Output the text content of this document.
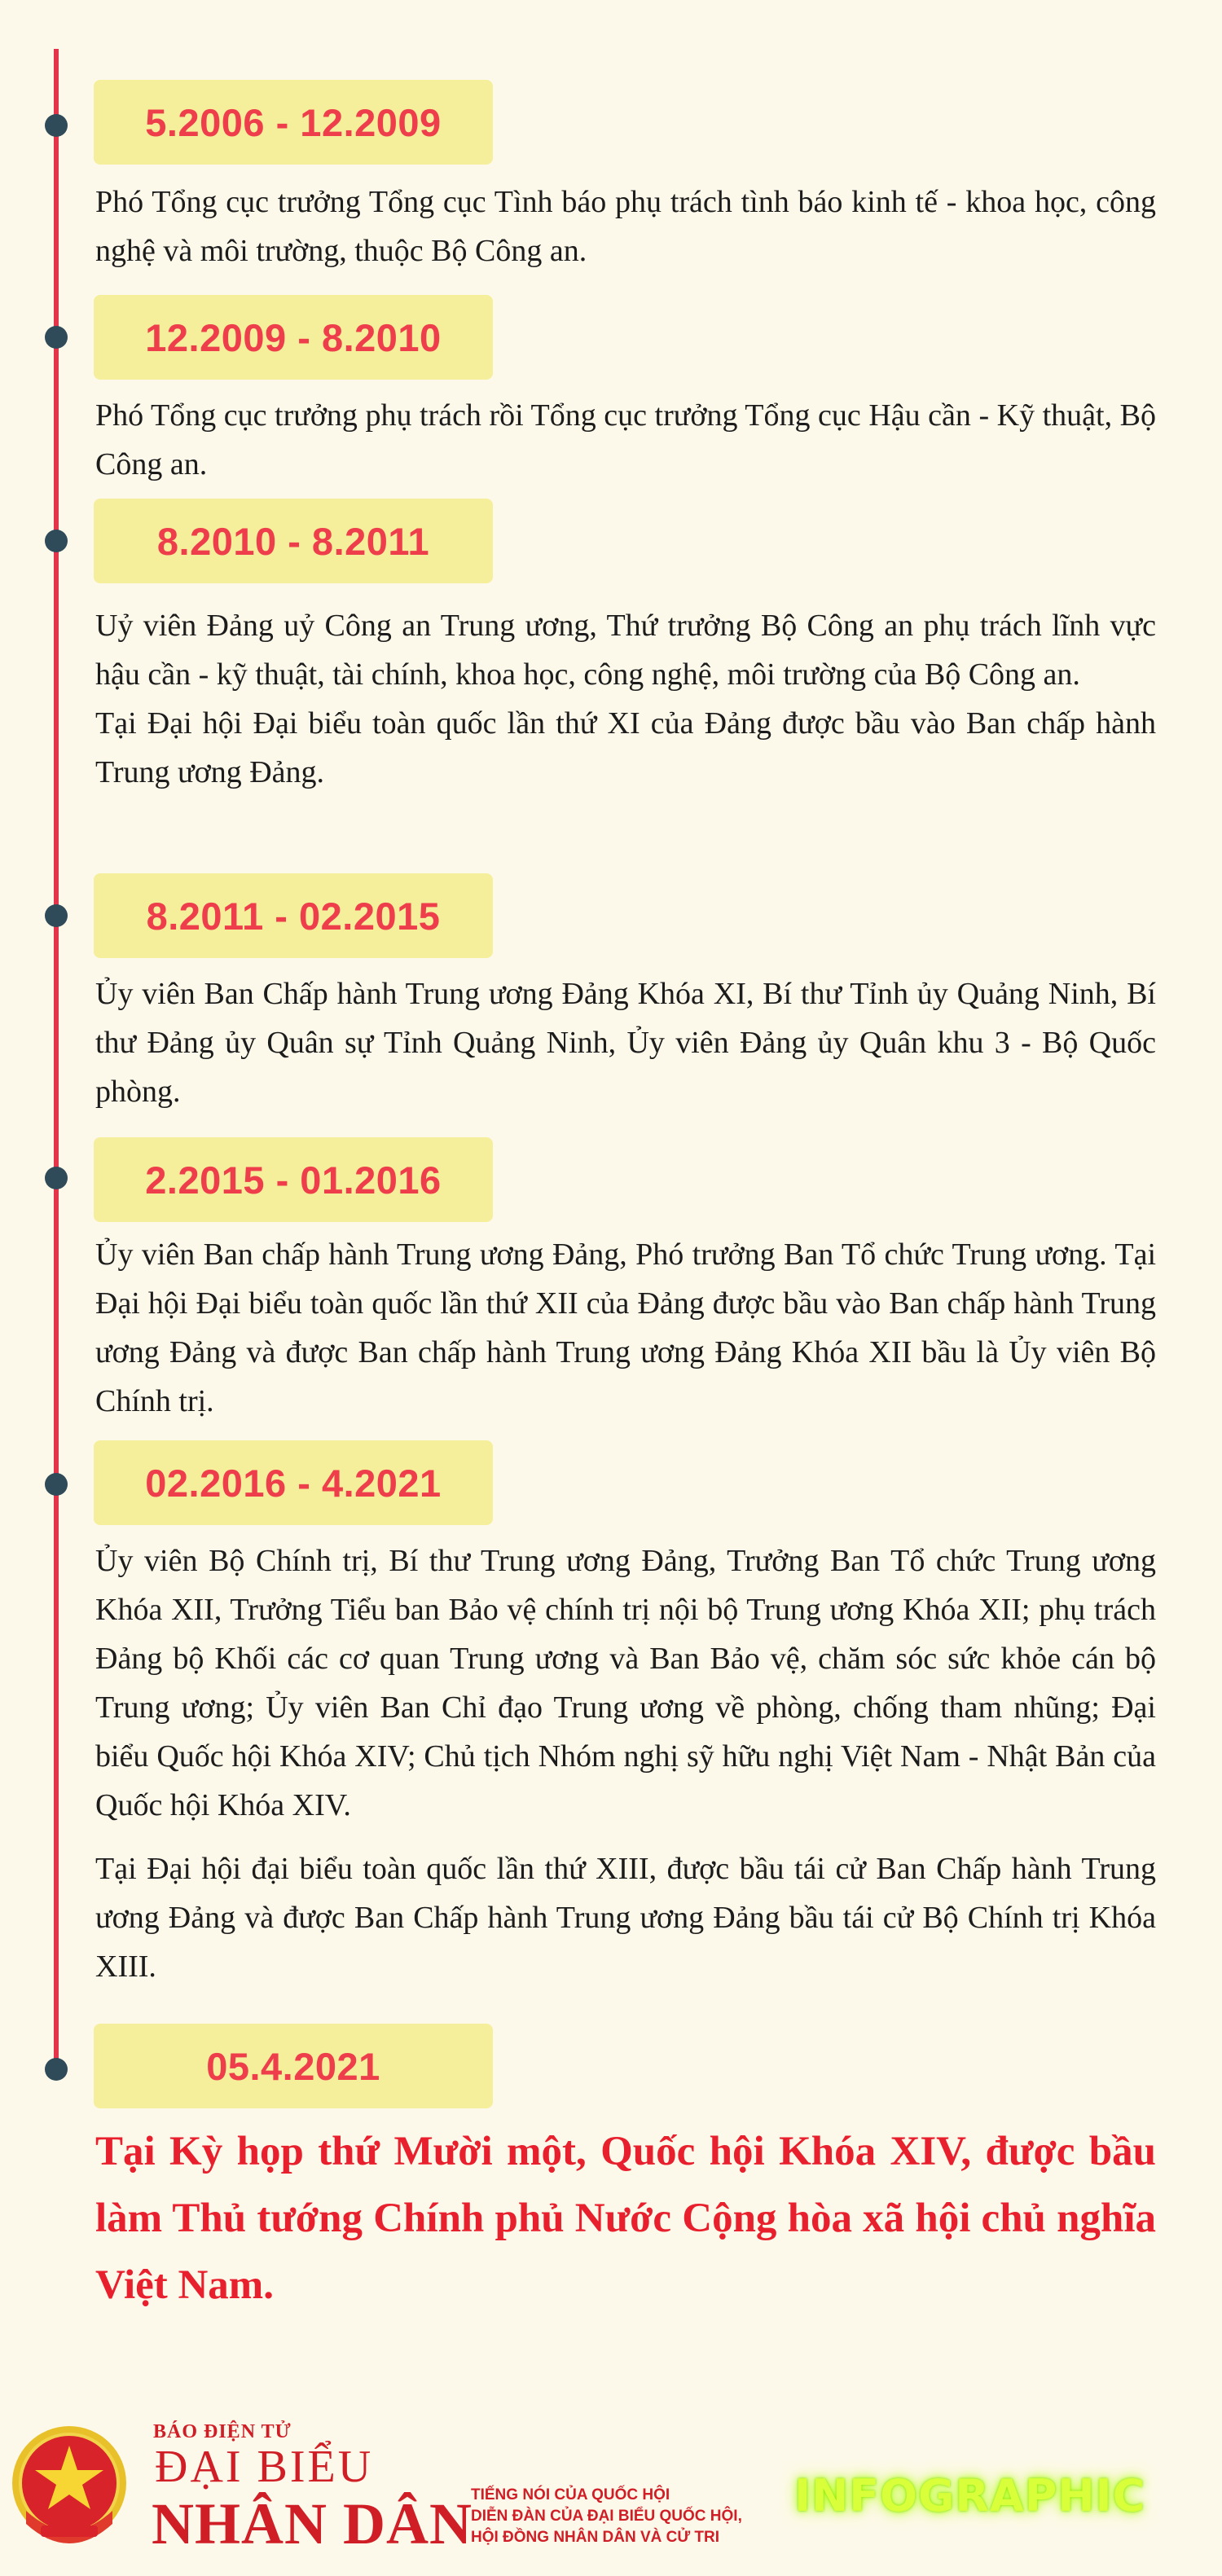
5.2006 - 12.2009

Phó Tổng cục trưởng Tổng cục Tình báo phụ trách tình báo kinh tế - khoa học, công nghệ và môi trường, thuộc Bộ Công an.

12.2009 - 8.2010

Phó Tổng cục trưởng phụ trách rồi Tổng cục trưởng Tổng cục Hậu cần - Kỹ thuật, Bộ Công an.

8.2010 - 8.2011

Uỷ viên Đảng uỷ Công an Trung ương, Thứ trưởng Bộ Công an phụ trách lĩnh vực hậu cần - kỹ thuật, tài chính, khoa học, công nghệ, môi trường của Bộ Công an.

Tại Đại hội Đại biểu toàn quốc lần thứ XI của Đảng được bầu vào Ban chấp hành Trung ương Đảng.

8.2011 - 02.2015

Ủy viên Ban Chấp hành Trung ương Đảng Khóa XI, Bí thư Tỉnh ủy Quảng Ninh, Bí thư Đảng ủy Quân sự Tỉnh Quảng Ninh, Ủy viên Đảng ủy Quân khu 3 - Bộ Quốc phòng.

2.2015 - 01.2016

Ủy viên Ban chấp hành Trung ương Đảng, Phó trưởng Ban Tổ chức Trung ương. Tại Đại hội Đại biểu toàn quốc lần thứ XII của Đảng được bầu vào Ban chấp hành Trung ương Đảng và được Ban chấp hành Trung ương Đảng Khóa XII bầu là Ủy viên Bộ Chính trị.

02.2016 - 4.2021

Ủy viên Bộ Chính trị, Bí thư Trung ương Đảng, Trưởng Ban Tổ chức Trung ương Khóa XII, Trưởng Tiểu ban Bảo vệ chính trị nội bộ Trung ương Khóa XII; phụ trách Đảng bộ Khối các cơ quan Trung ương và Ban Bảo vệ, chăm sóc sức khỏe cán bộ Trung ương; Ủy viên Ban Chỉ đạo Trung ương về phòng, chống tham nhũng; Đại biểu Quốc hội Khóa XIV; Chủ tịch Nhóm nghị sỹ hữu nghị Việt Nam - Nhật Bản của Quốc hội Khóa XIV.

Tại Đại hội đại biểu toàn quốc lần thứ XIII, được bầu tái cử Ban Chấp hành Trung ương Đảng và được Ban Chấp hành Trung ương Đảng bầu tái cử Bộ Chính trị Khóa XIII.

05.4.2021
Tại Kỳ họp thứ Mười một, Quốc hội Khóa XIV, được bầu làm Thủ tướng Chính phủ Nước Cộng hòa xã hội chủ nghĩa Việt Nam.
BÁO ĐIỆN TỬ
ĐẠI BIỂU
NHÂN DÂN
TIẾNG NÓI CỦA QUỐC HỘI
DIỄN ĐÀN CỦA ĐẠI BIỂU QUỐC HỘI,
HỘI ĐỒNG NHÂN DÂN VÀ CỬ TRI
INFOGRAPHIC
